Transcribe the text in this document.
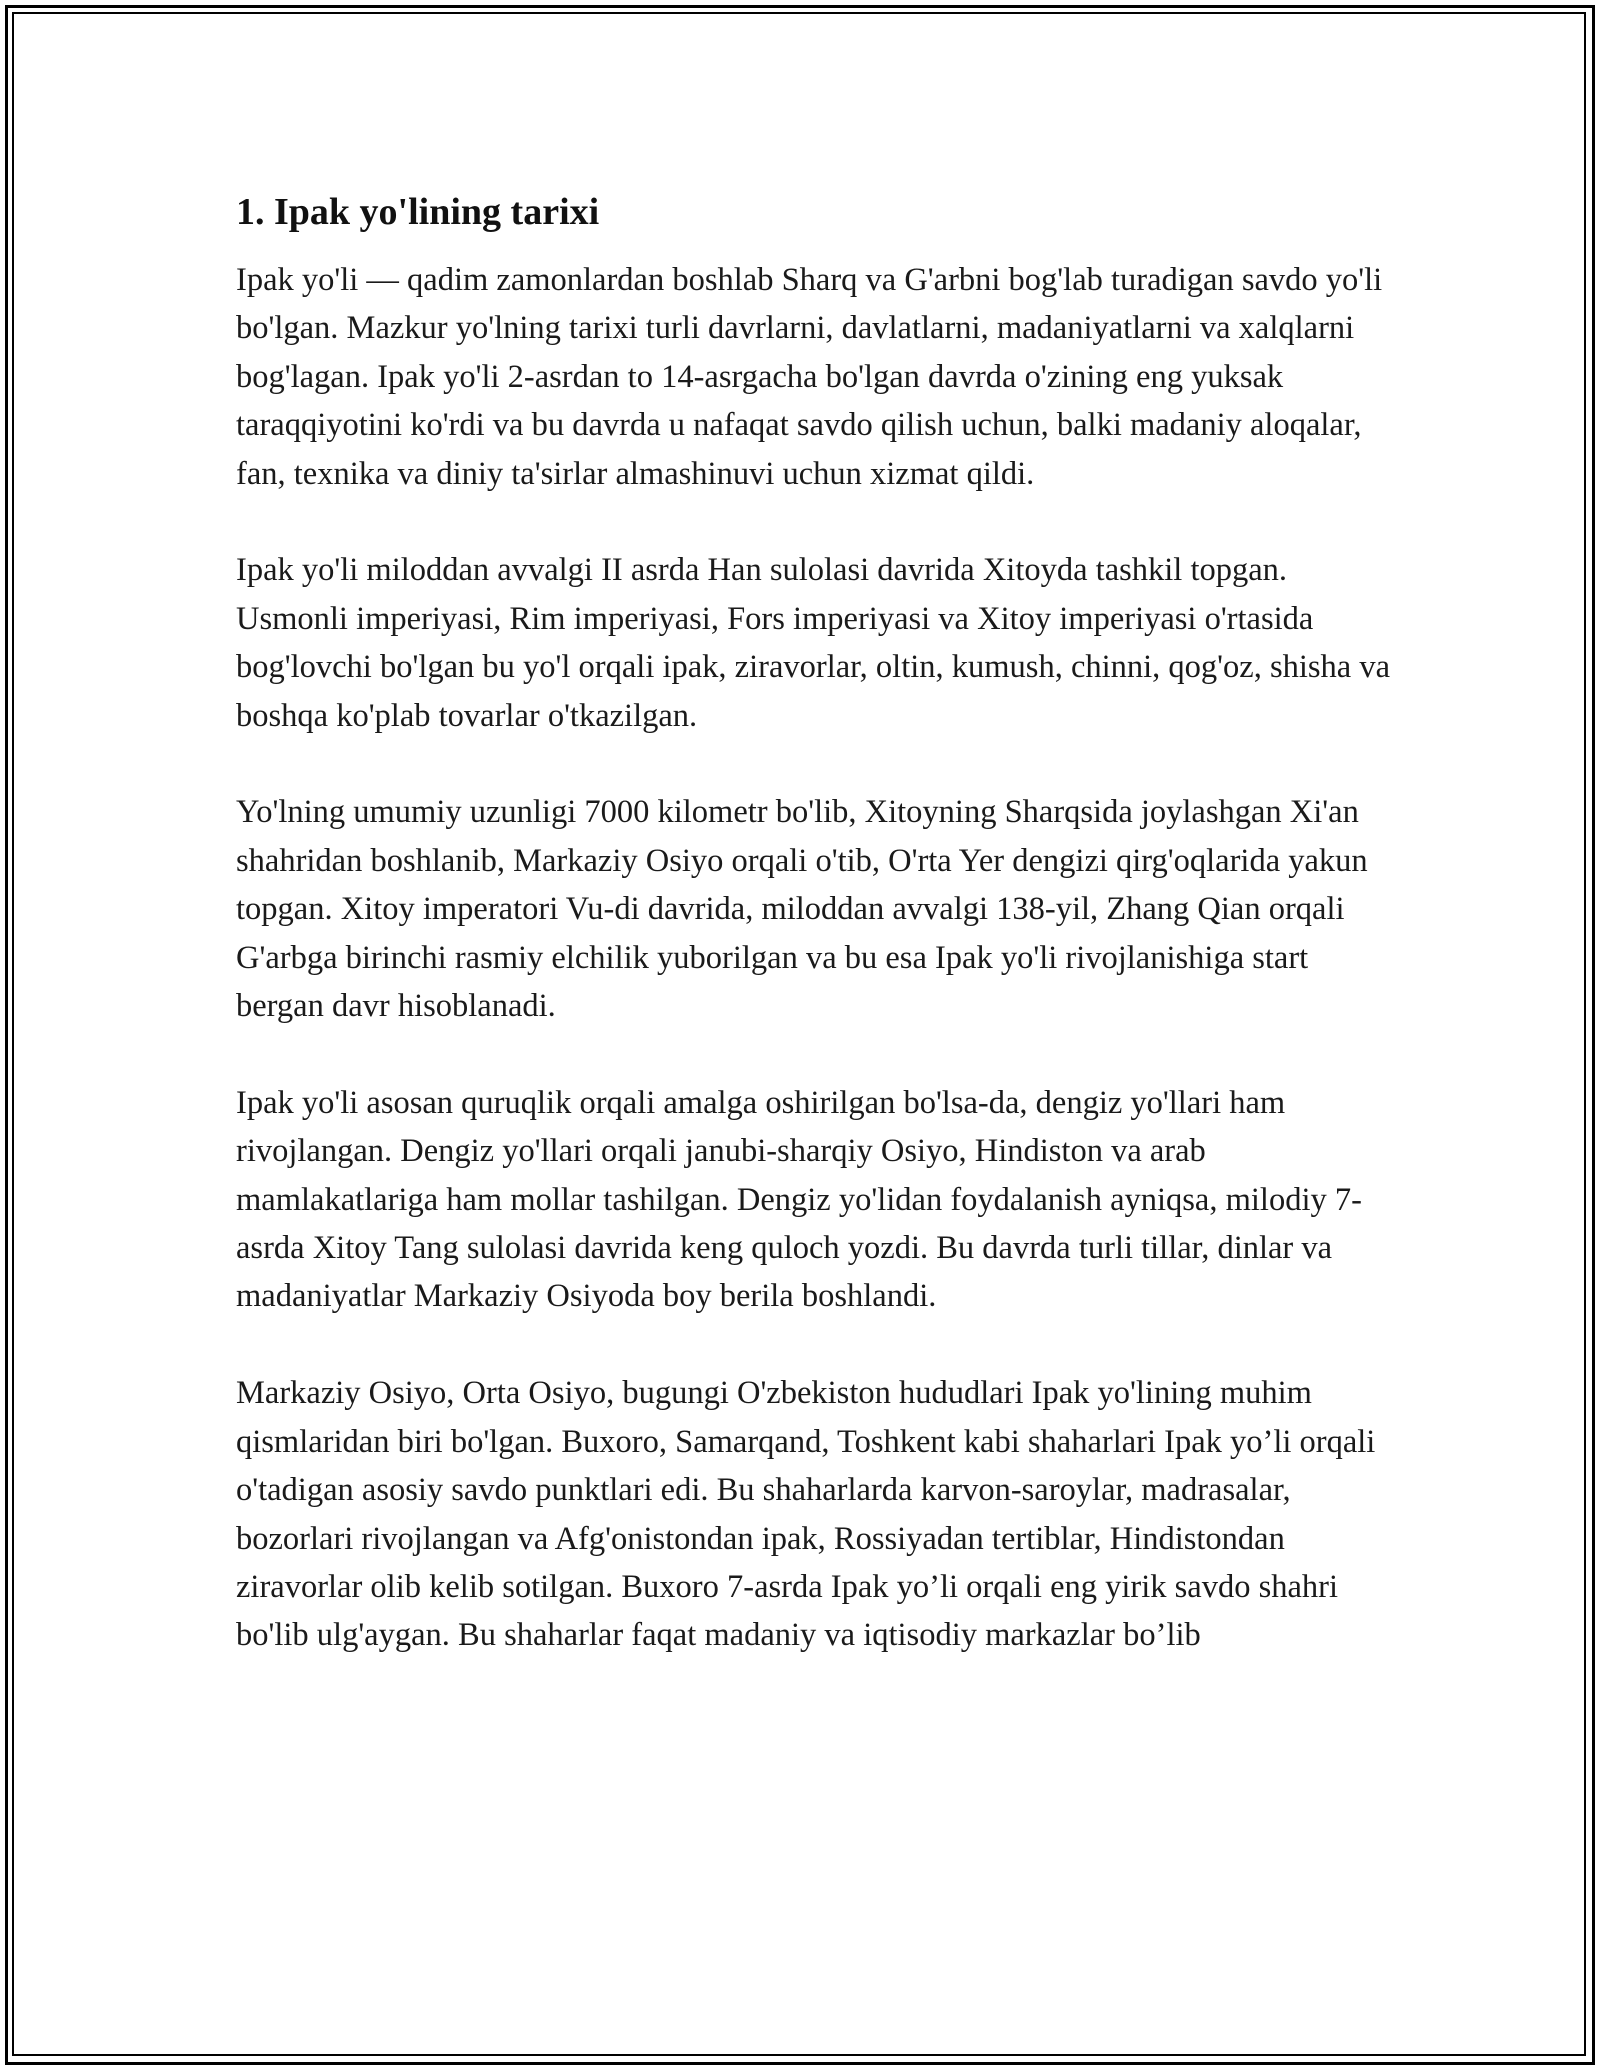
1. Ipak yo'lining tarixi

Ipak yo'li — qadim zamonlardan boshlab Sharq va G'arbni bog'lab turadigan savdo yo'li bo'lgan. Mazkur yo'lning tarixi turli davrlarni, davlatlarni, madaniyatlarni va xalqlarni bog'lagan. Ipak yo'li 2-asrdan to 14-asrgacha bo'lgan davrda o'zining eng yuksak taraqqiyotini ko'rdi va bu davrda u nafaqat savdo qilish uchun, balki madaniy aloqalar, fan, texnika va diniy ta'sirlar almashinuvi uchun xizmat qildi.

Ipak yo'li miloddan avvalgi II asrda Han sulolasi davrida Xitoyda tashkil topgan. Usmonli imperiyasi, Rim imperiyasi, Fors imperiyasi va Xitoy imperiyasi o'rtasida bog'lovchi bo'lgan bu yo'l orqali ipak, ziravorlar, oltin, kumush, chinni, qog'oz, shisha va boshqa ko'plab tovarlar o'tkazilgan.

Yo'lning umumiy uzunligi 7000 kilometr bo'lib, Xitoyning Sharqsida joylashgan Xi'an shahridan boshlanib, Markaziy Osiyo orqali o'tib, O'rta Yer dengizi qirg'oqlarida yakun topgan. Xitoy imperatori Vu-di davrida, miloddan avvalgi 138-yil, Zhang Qian orqali G'arbga birinchi rasmiy elchilik yuborilgan va bu esa Ipak yo'li rivojlanishiga start bergan davr hisoblanadi.

Ipak yo'li asosan quruqlik orqali amalga oshirilgan bo'lsa-da, dengiz yo'llari ham rivojlangan. Dengiz yo'llari orqali janubi-sharqiy Osiyo, Hindiston va arab mamlakatlariga ham mollar tashilgan. Dengiz yo'lidan foydalanish ayniqsa, milodiy 7-asrda Xitoy Tang sulolasi davrida keng quloch yozdi. Bu davrda turli tillar, dinlar va madaniyatlar Markaziy Osiyoda boy berila boshlandi.

Markaziy Osiyo, Orta Osiyo, bugungi O'zbekiston hududlari Ipak yo'lining muhim qismlaridan biri bo'lgan. Buxoro, Samarqand, Toshkent kabi shaharlari Ipak yo’li orqali o'tadigan asosiy savdo punktlari edi. Bu shaharlarda karvon-saroylar, madrasalar, bozorlari rivojlangan va Afg'onistondan ipak, Rossiyadan tertiblar, Hindistondan ziravorlar olib kelib sotilgan. Buxoro 7-asrda Ipak yo’li orqali eng yirik savdo shahri bo'lib ulg'aygan. Bu shaharlar faqat madaniy va iqtisodiy markazlar bo’lib
